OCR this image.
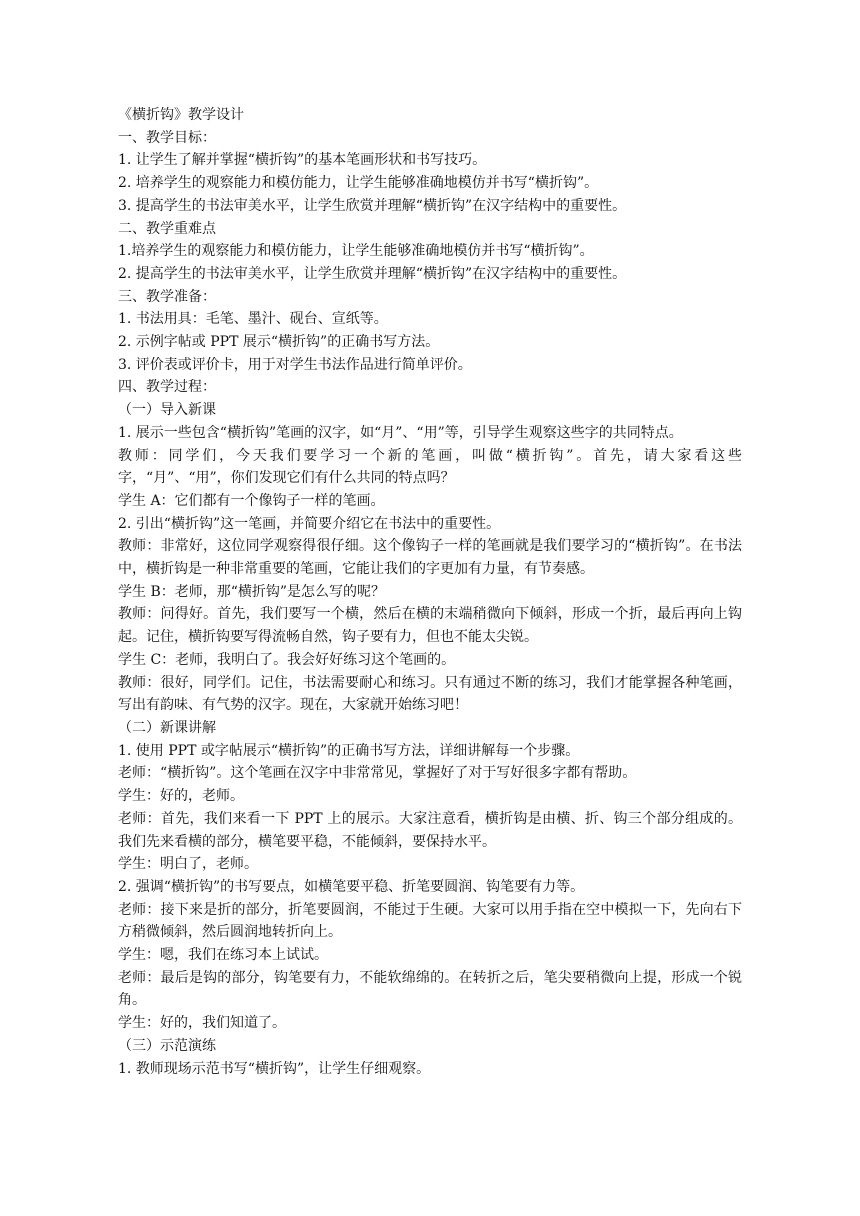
《横折钩》教学设计

一、教学目标：

1. 让学生了解并掌握“横折钩”的基本笔画形状和书写技巧。

2. 培养学生的观察能力和模仿能力，让学生能够准确地模仿并书写“横折钩”。

3. 提高学生的书法审美水平，让学生欣赏并理解“横折钩”在汉字结构中的重要性。

二、教学重难点

1.培养学生的观察能力和模仿能力，让学生能够准确地模仿并书写“横折钩”。

2. 提高学生的书法审美水平，让学生欣赏并理解“横折钩”在汉字结构中的重要性。

三、教学准备：

1. 书法用具：毛笔、墨汁、砚台、宣纸等。

2. 示例字帖或 PPT 展示“横折钩”的正确书写方法。

3. 评价表或评价卡，用于对学生书法作品进行简单评价。

四、教学过程：

（一）导入新课

1. 展示一些包含“横折钩”笔画的汉字，如“月”、“用”等，引导学生观察这些字的共同特点。

教师：同学们，今天我们要学习一个新的笔画，叫做“横折钩”。首先，请大家看这些字，“月”、“用”，你们发现它们有什么共同的特点吗？

学生 A：它们都有一个像钩子一样的笔画。

2. 引出“横折钩”这一笔画，并简要介绍它在书法中的重要性。

教师：非常好，这位同学观察得很仔细。这个像钩子一样的笔画就是我们要学习的“横折钩”。在书法中，横折钩是一种非常重要的笔画，它能让我们的字更加有力量，有节奏感。

学生 B：老师，那“横折钩”是怎么写的呢？

教师：问得好。首先，我们要写一个横，然后在横的末端稍微向下倾斜，形成一个折，最后再向上钩起。记住，横折钩要写得流畅自然，钩子要有力，但也不能太尖锐。

学生 C：老师，我明白了。我会好好练习这个笔画的。

教师：很好，同学们。记住，书法需要耐心和练习。只有通过不断的练习，我们才能掌握各种笔画，写出有韵味、有气势的汉字。现在，大家就开始练习吧！

（二）新课讲解

1. 使用 PPT 或字帖展示“横折钩”的正确书写方法，详细讲解每一个步骤。

老师：“横折钩”。这个笔画在汉字中非常常见，掌握好了对于写好很多字都有帮助。

学生：好的，老师。

老师：首先，我们来看一下 PPT 上的展示。大家注意看，横折钩是由横、折、钩三个部分组成的。我们先来看横的部分，横笔要平稳，不能倾斜，要保持水平。

学生：明白了，老师。

2. 强调“横折钩”的书写要点，如横笔要平稳、折笔要圆润、钩笔要有力等。

老师：接下来是折的部分，折笔要圆润，不能过于生硬。大家可以用手指在空中模拟一下，先向右下方稍微倾斜，然后圆润地转折向上。

学生：嗯，我们在练习本上试试。

老师：最后是钩的部分，钩笔要有力，不能软绵绵的。在转折之后，笔尖要稍微向上提，形成一个锐角。

学生：好的，我们知道了。

（三）示范演练

1. 教师现场示范书写“横折钩”，让学生仔细观察。
